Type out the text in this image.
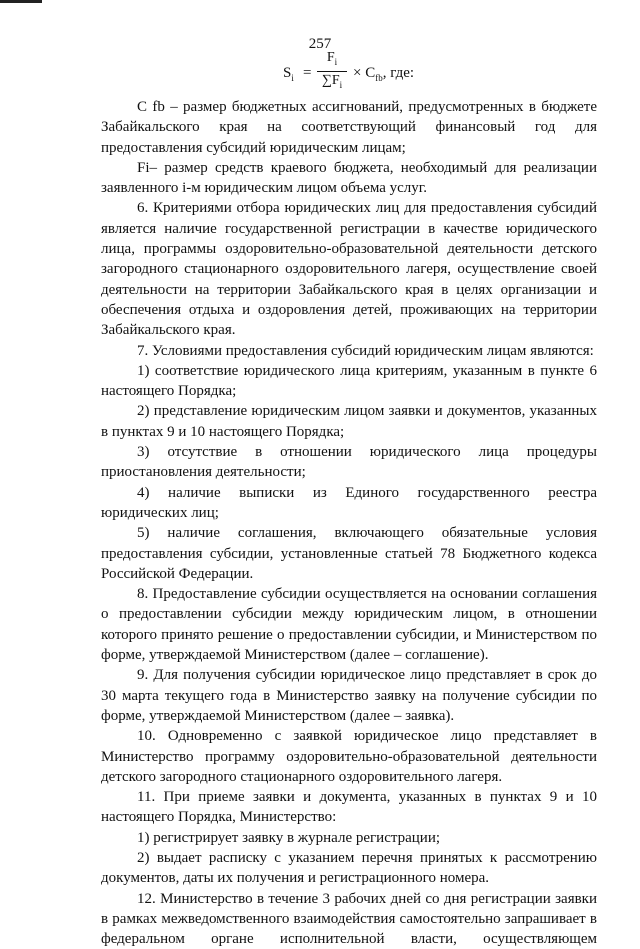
257
$S_i$ =
$F_i$
$\sum F_i$
× $C_{fb}$, где:

C fb – размер бюджетных ассигнований, предусмотренных в бюджете Забайкальского края на соответствующий финансовый год для предоставления субсидий юридическим лицам;

Fi– размер средств краевого бюджета, необходимый для реализации заявленного i-м юридическим лицом объема услуг.

6. Критериями отбора юридических лиц для предоставления субсидий является наличие государственной регистрации в качестве юридического лица, программы оздоровительно-образовательной деятельности детского загородного стационарного оздоровительного лагеря, осуществление своей деятельности на территории Забайкальского края в целях организации и обеспечения отдыха и оздоровления детей, проживающих на территории Забайкальского края.

7. Условиями предоставления субсидий юридическим лицам являются:

1) соответствие юридического лица критериям, указанным в пункте 6 настоящего Порядка;

2) представление юридическим лицом заявки и документов, указанных в пунктах 9 и 10 настоящего Порядка;

3) отсутствие в отношении юридического лица процедуры приостановления деятельности;

4) наличие выписки из Единого государственного реестра юридических лиц;

5) наличие соглашения, включающего обязательные условия предоставления субсидии, установленные статьей 78 Бюджетного кодекса Российской Федерации.

8. Предоставление субсидии осуществляется на основании соглашения о предоставлении субсидии между юридическим лицом, в отношении которого принято решение о предоставлении субсидии, и Министерством по форме, утверждаемой Министерством (далее – соглашение).

9. Для получения субсидии юридическое лицо представляет в срок до 30 марта текущего года в Министерство заявку на получение субсидии по форме, утверждаемой Министерством (далее – заявка).

10. Одновременно с заявкой юридическое лицо представляет в Министерство программу оздоровительно-образовательной деятельности детского загородного стационарного оздоровительного лагеря.

11. При приеме заявки и документа, указанных в пунктах 9 и 10 настоящего Порядка, Министерство:

1) регистрирует заявку в журнале регистрации;

2) выдает расписку с указанием перечня принятых к рассмотрению документов, даты их получения и регистрационного номера.

12. Министерство в течение 3 рабочих дней со дня регистрации заявки в рамках межведомственного взаимодействия самостоятельно запрашивает в федеральном органе исполнительной власти, осуществляющем
